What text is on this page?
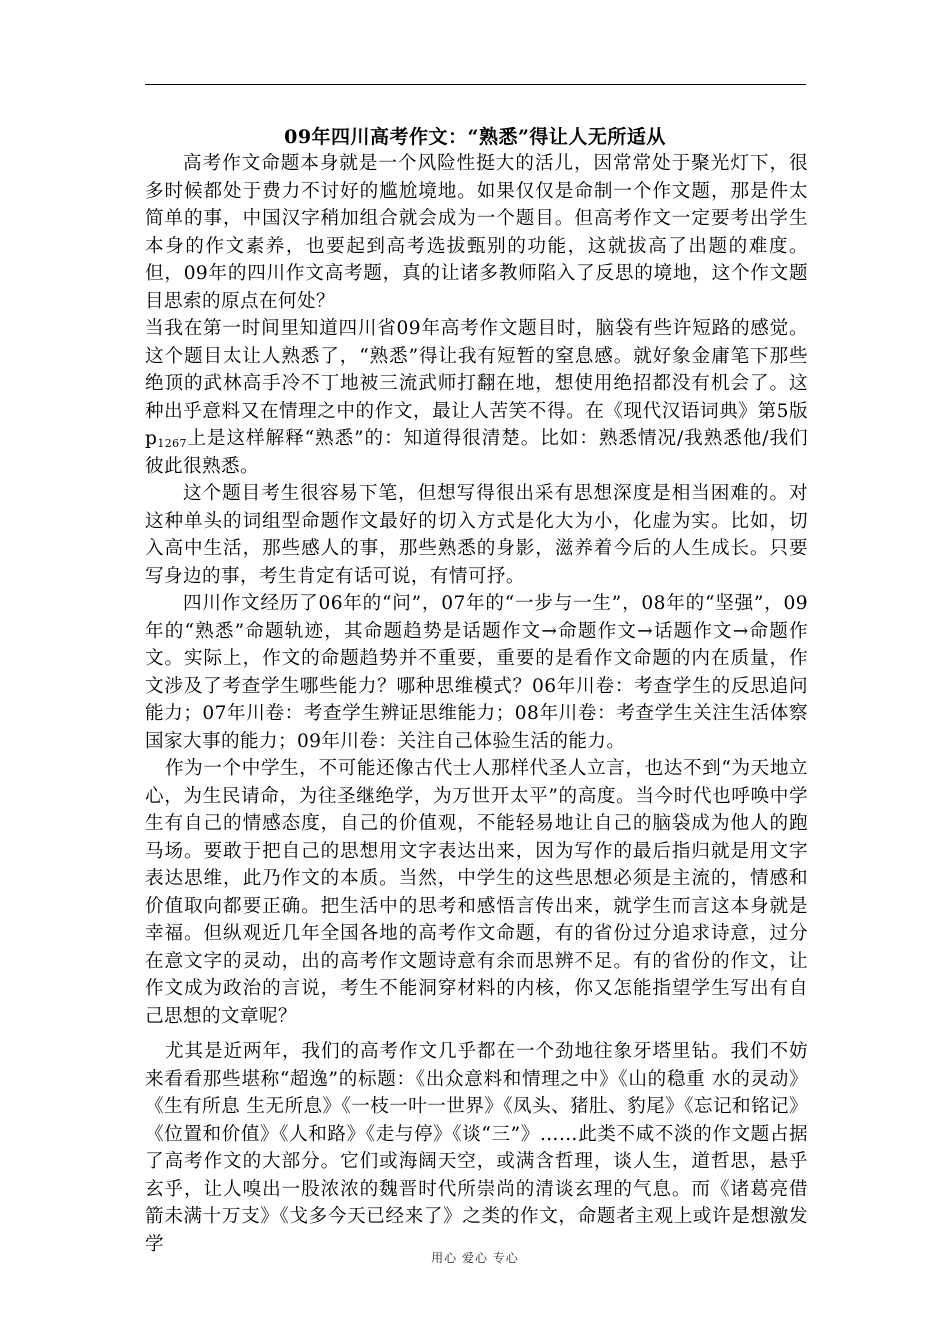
09年四川高考作文：“熟悉”得让人无所适从

高考作文命题本身就是一个风险性挺大的活儿，因常常处于聚光灯下，很多时候都处于费力不讨好的尴尬境地。如果仅仅是命制一个作文题，那是件太简单的事，中国汉字稍加组合就会成为一个题目。但高考作文一定要考出学生本身的作文素养，也要起到高考选拔甄别的功能，这就拔高了出题的难度。但，09年的四川作文高考题，真的让诸多教师陷入了反思的境地，这个作文题目思索的原点在何处？

当我在第一时间里知道四川省09年高考作文题目时，脑袋有些许短路的感觉。这个题目太让人熟悉了，“熟悉”得让我有短暂的窒息感。就好象金庸笔下那些绝顶的武林高手冷不丁地被三流武师打翻在地，想使用绝招都没有机会了。这种出乎意料又在情理之中的作文，最让人苦笑不得。在《现代汉语词典》第5版$p_{1267}$上是这样解释“熟悉”的：知道得很清楚。比如：熟悉情况/我熟悉他/我们彼此很熟悉。

这个题目考生很容易下笔，但想写得很出采有思想深度是相当困难的。对这种单头的词组型命题作文最好的切入方式是化大为小，化虚为实。比如，切入高中生活，那些感人的事，那些熟悉的身影，滋养着今后的人生成长。只要写身边的事，考生肯定有话可说，有情可抒。

四川作文经历了06年的“问”，07年的“一步与一生”，08年的“坚强”，09年的“熟悉”命题轨迹，其命题趋势是话题作文→命题作文→话题作文→命题作文。实际上，作文的命题趋势并不重要，重要的是看作文命题的内在质量，作文涉及了考查学生哪些能力？哪种思维模式？06年川卷：考查学生的反思追问能力；07年川卷：考查学生辨证思维能力；08年川卷：考查学生关注生活体察国家大事的能力；09年川卷：关注自己体验生活的能力。

作为一个中学生，不可能还像古代士人那样代圣人立言，也达不到“为天地立心，为生民请命，为往圣继绝学，为万世开太平”的高度。当今时代也呼唤中学生有自己的情感态度，自己的价值观，不能轻易地让自己的脑袋成为他人的跑马场。要敢于把自己的思想用文字表达出来，因为写作的最后指归就是用文字表达思维，此乃作文的本质。当然，中学生的这些思想必须是主流的，情感和价值取向都要正确。把生活中的思考和感悟言传出来，就学生而言这本身就是幸福。但纵观近几年全国各地的高考作文命题，有的省份过分追求诗意，过分在意文字的灵动，出的高考作文题诗意有余而思辨不足。有的省份的作文，让作文成为政治的言说，考生不能洞穿材料的内核，你又怎能指望学生写出有自己思想的文章呢？

尤其是近两年，我们的高考作文几乎都在一个劲地往象牙塔里钻。我们不妨来看看那些堪称“超逸”的标题：《出众意料和情理之中》《山的稳重 水的灵动》《生有所息 生无所息》《一枝一叶一世界》《凤头、猪肚、豹尾》《忘记和铭记》《位置和价值》《人和路》《走与停》《谈“三”》……此类不咸不淡的作文题占据了高考作文的大部分。它们或海阔天空，或满含哲理，谈人生，道哲思，悬乎玄乎，让人嗅出一股浓浓的魏晋时代所崇尚的清谈玄理的气息。而《诸葛亮借箭未满十万支》《戈多今天已经来了》之类的作文，命题者主观上或许是想激发学

用心 爱心 专心
